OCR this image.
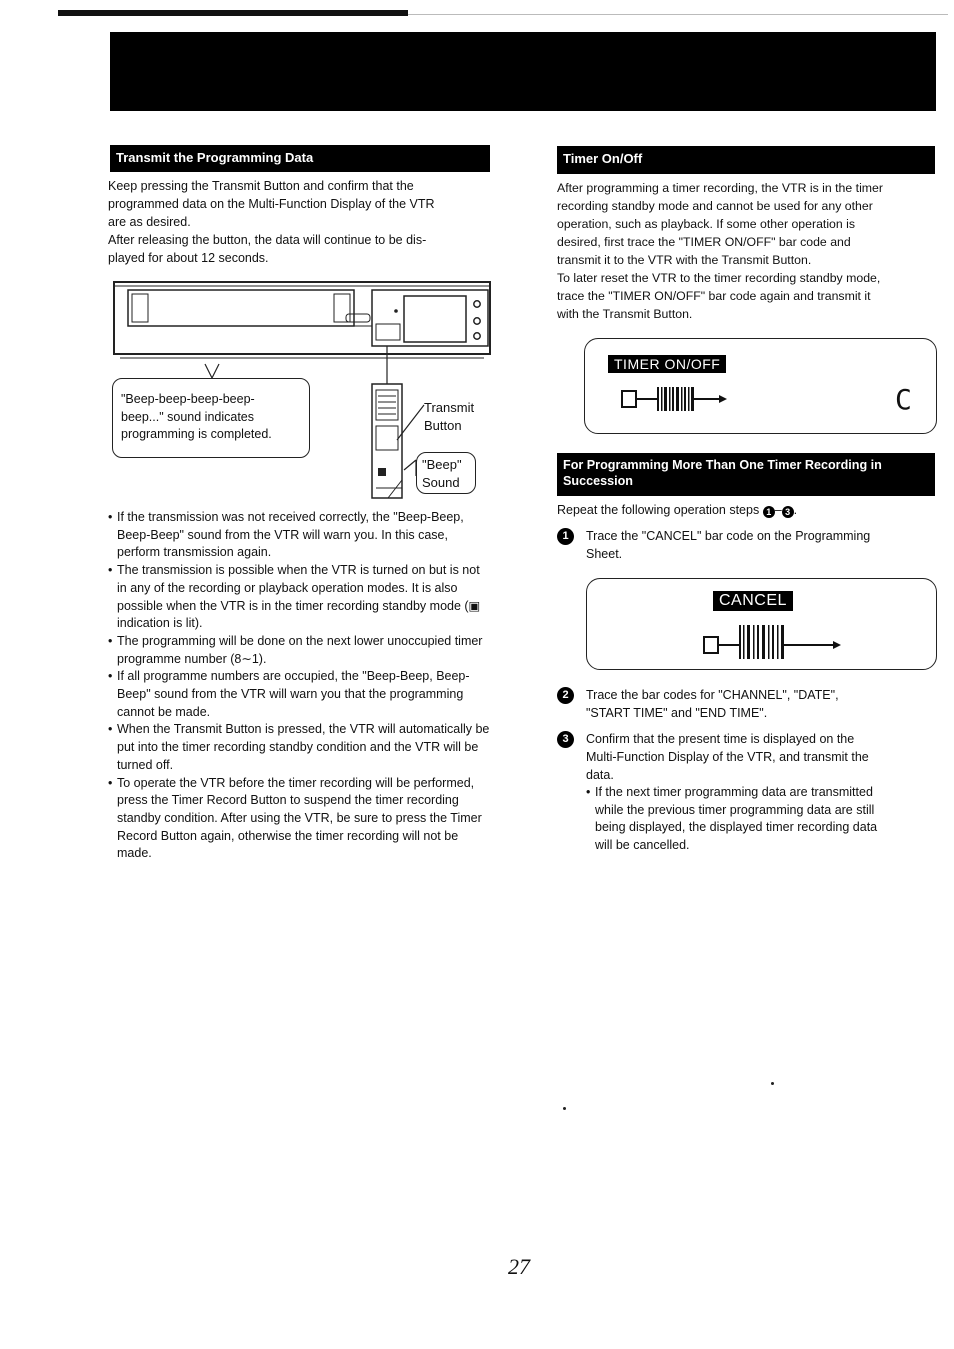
Transmit the Programming Data

Keep pressing the Transmit Button and confirm that the

programmed data on the Multi-Function Display of the VTR

are as desired.

After releasing the button, the data will continue to be dis-

played for about 12 seconds.

"Beep-beep-beep-beep-
beep..." sound indicates
programming is completed.
Transmit
Button
"Beep"
Sound
• If the transmission was not received correctly, the "Beep-Beep, Beep-Beep" sound from the VTR will warn you. In this case, perform transmission again.
• The transmission is possible when the VTR is turned on but is not in any of the recording or playback operation modes. It is also possible when the VTR is in the timer recording standby mode (▣ indication is lit).
• The programming will be done on the next lower unoccupied timer programme number (8∼1).
• If all programme numbers are occupied, the "Beep-Beep, Beep-Beep" sound from the VTR will warn you that the programming cannot be made.
• When the Transmit Button is pressed, the VTR will automatically be put into the timer recording standby condition and the VTR will be turned off.
• To operate the VTR before the timer recording will be performed, press the Timer Record Button to suspend the timer recording standby condition. After using the VTR, be sure to press the Timer Record Button again, otherwise the timer recording will not be made.
Timer On/Off

After programming a timer recording, the VTR is in the timer

recording standby mode and cannot be used for any other

operation, such as playback. If some other operation is

desired, first trace the "TIMER ON/OFF" bar code and

transmit it to the VTR with the Transmit Button.

To later reset the VTR to the timer recording standby mode,

trace the "TIMER ON/OFF" bar code again and transmit it

with the Transmit Button.

TIMER ON/OFF
C
For Programming More Than One Timer Recording in
Succession
Repeat the following operation steps 1 – 3 .
1	Trace the "CANCEL" bar code on the Programming

Sheet.

CANCEL
2	Trace the bar codes for "CHANNEL", "DATE",

"START TIME" and "END TIME".

3	Confirm that the present time is displayed on the

Multi-Function Display of the VTR, and transmit the

data.

• If the next timer programming data are transmitted
while the previous timer programming data are still
being displayed, the displayed timer recording data
will be cancelled.
27
